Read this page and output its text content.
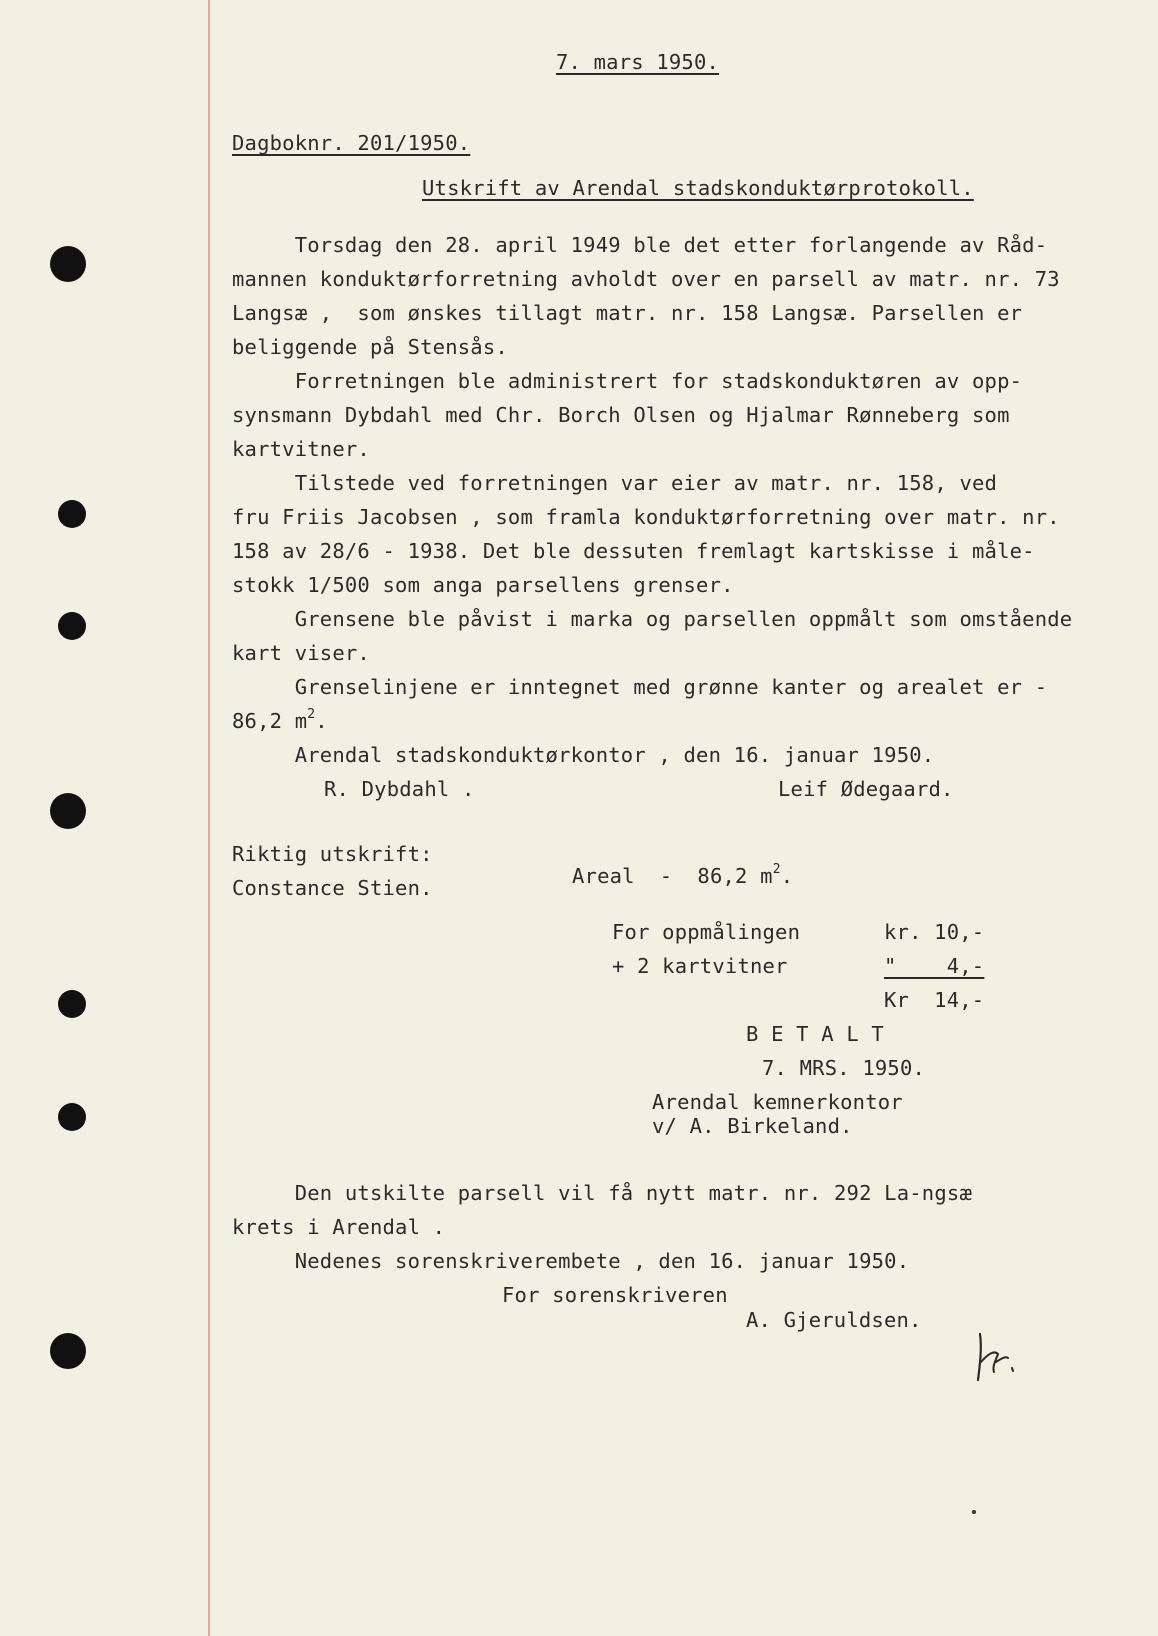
7. mars 1950.
Dagboknr. 201/1950.
Utskrift av Arendal stadskonduktørprotokoll.
Torsdag den 28. april 1949 ble det etter forlangende av Råd-
mannen konduktørforretning avholdt over en parsell av matr. nr. 73
Langsæ ,  som ønskes tillagt matr. nr. 158 Langsæ. Parsellen er
beliggende på Stensås.
Forretningen ble administrert for stadskonduktøren av opp-
synsmann Dybdahl med Chr. Borch Olsen og Hjalmar Rønneberg som
kartvitner.
Tilstede ved forretningen var eier av matr. nr. 158, ved
fru Friis Jacobsen , som framla konduktørforretning over matr. nr.
158 av 28/6 - 1938. Det ble dessuten fremlagt kartskisse i måle-
stokk 1/500 som anga parsellens grenser.
Grensene ble påvist i marka og parsellen oppmålt som omstående
kart viser.
Grenselinjene er inntegnet med grønne kanter og arealet er -
86,2 $m^2$.
Arendal stadskonduktørkontor , den 16. januar 1950.
R. Dybdahl .	Leif Ødegaard.
Riktig utskrift:
Constance Stien.	Areal  -  86,2 $m^2$.
For oppmålingen	kr. 10,-
+ 2 kartvitner	"    4,-
Kr  14,-
B E T A L T
7. MRS. 1950.
Arendal kemnerkontor
v/ A. Birkeland.
Den utskilte parsell vil få nytt matr. nr. 292 La-ngsæ
krets i Arendal .
Nedenes sorenskriverembete , den 16. januar 1950.
For sorenskriveren
A. Gjeruldsen.
